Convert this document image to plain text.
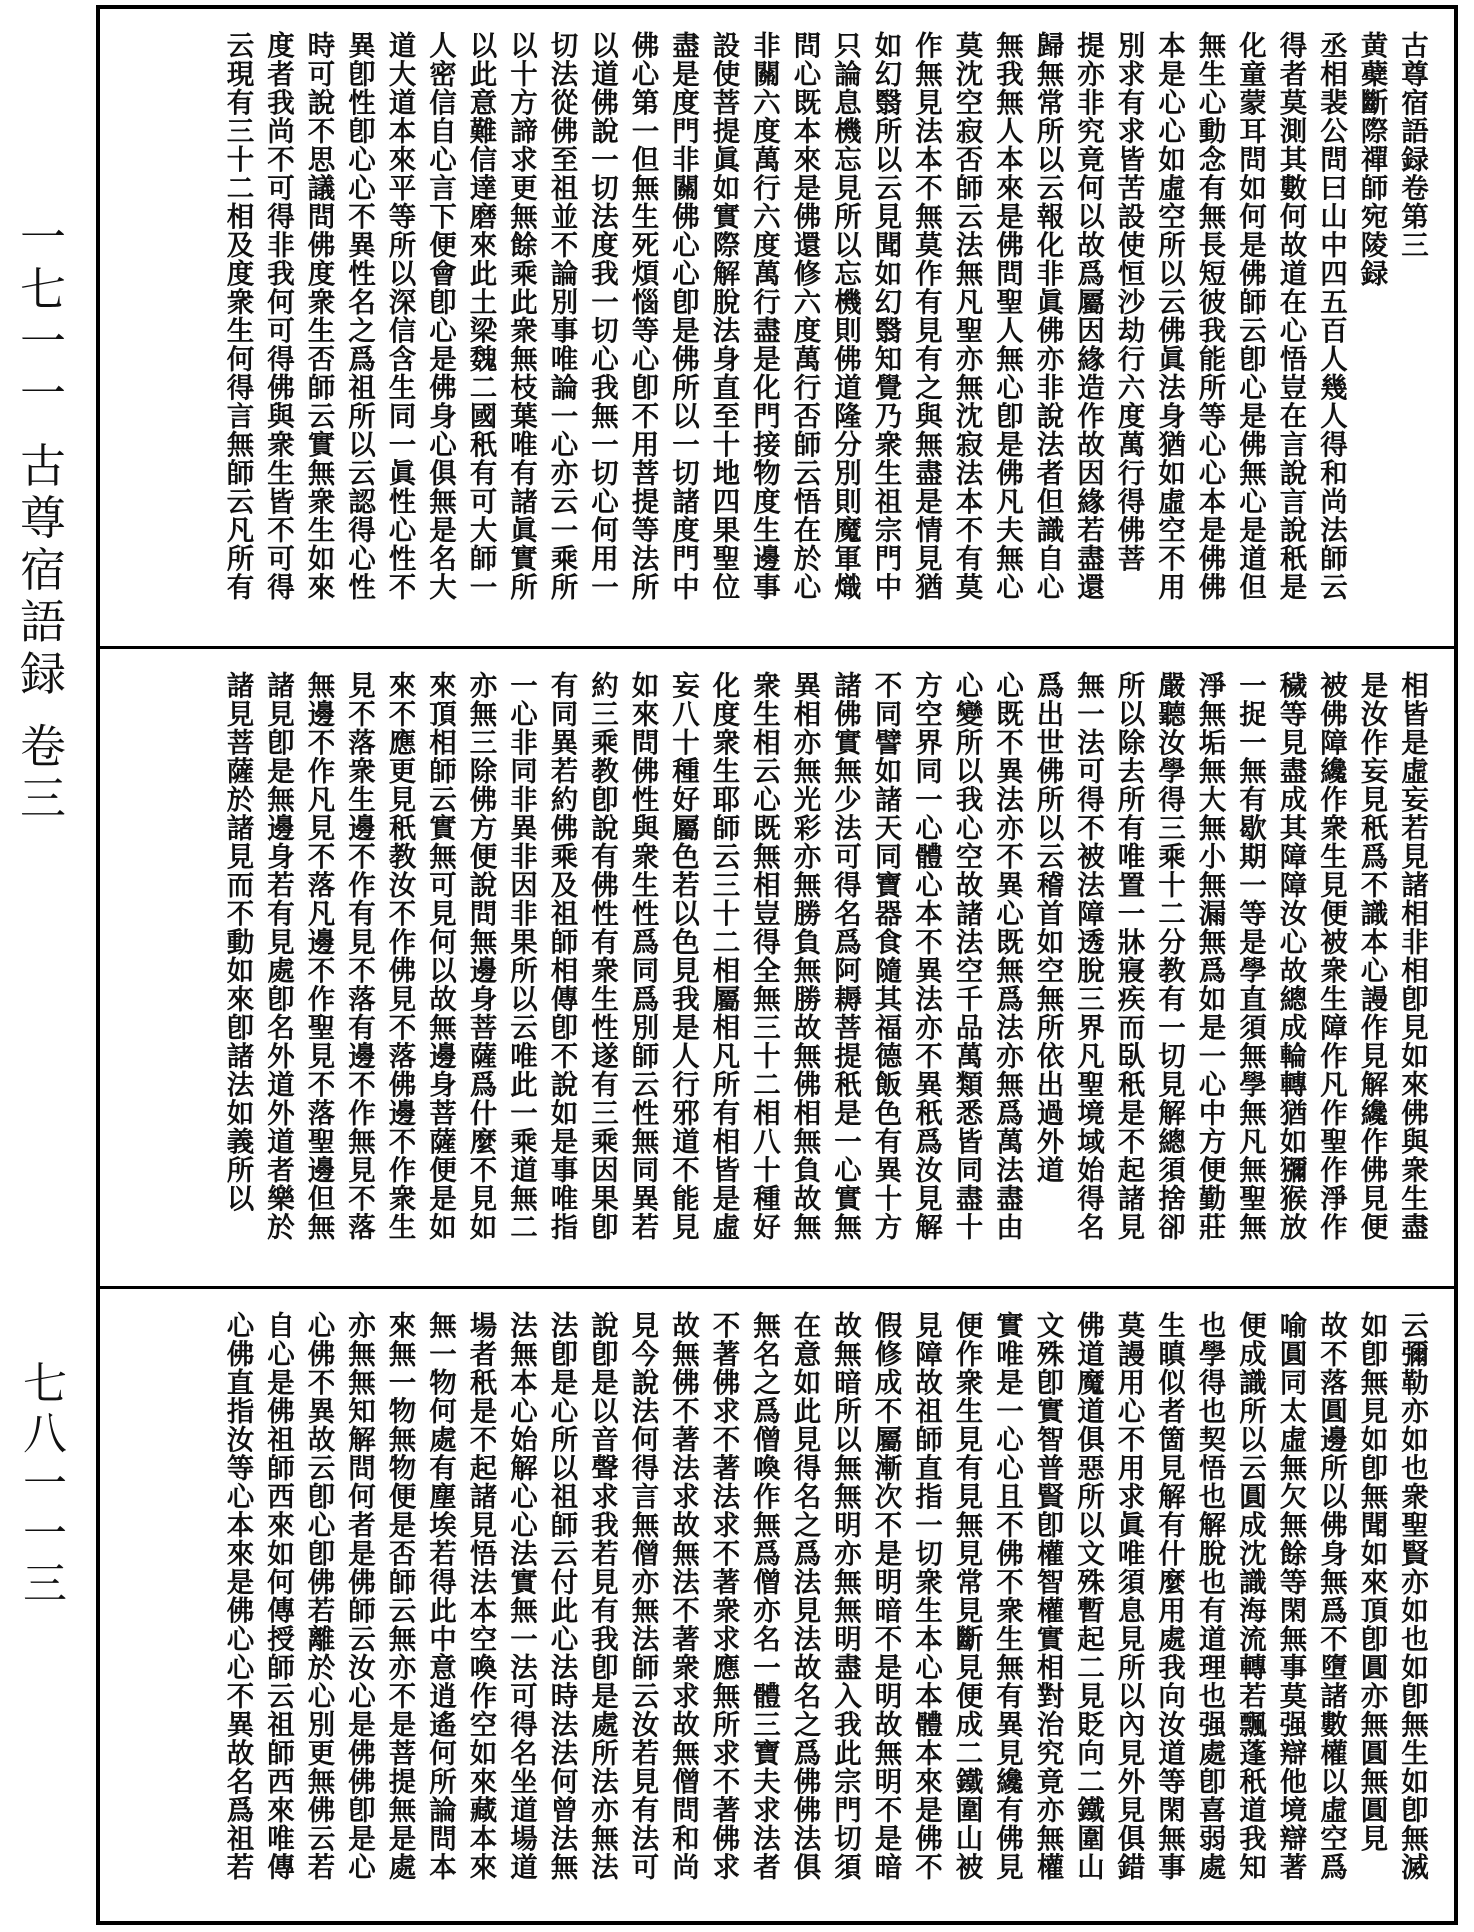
一七一一 古尊宿語録 卷三
七八一一三
古尊宿語録卷第三
黄蘗斷際禪師宛陵録
丞相裴公問曰山中四五百人幾人得和尚法師云
得者莫測其數何故道在心悟豈在言說言說秖是
化童蒙耳問如何是佛師云卽心是佛無心是道但
無生心動念有無長短彼我能所等心心本是佛佛
本是心心如虛空所以云佛眞法身猶如虛空不用
別求有求皆苦設使恒沙劫行六度萬行得佛菩
提亦非究竟何以故爲屬因緣造作故因緣若盡還
歸無常所以云報化非眞佛亦非說法者但識自心
無我無人本來是佛問聖人無心卽是佛凡夫無心
莫沈空寂否師云法無凡聖亦無沈寂法本不有莫
作無見法本不無莫作有見有之與無盡是情見猶
如幻翳所以云見聞如幻翳知覺乃衆生祖宗門中
只論息機忘見所以忘機則佛道隆分別則魔軍熾
問心既本來是佛還修六度萬行否師云悟在於心
非關六度萬行六度萬行盡是化門接物度生邊事
設使菩提眞如實際解脫法身直至十地四果聖位
盡是度門非關佛心心卽是佛所以一切諸度門中
佛心第一但無生死煩惱等心卽不用菩提等法所
以道佛說一切法度我一切心我無一切心何用一
切法從佛至祖並不論別事唯論一心亦云一乘所
以十方諦求更無餘乘此衆無枝葉唯有諸眞實所
以此意難信達磨來此土梁魏二國秖有可大師一
人密信自心言下便會卽心是佛身心俱無是名大
道大道本來平等所以深信含生同一眞性心性不
異卽性卽心心不異性名之爲祖所以云認得心性
時可說不思議問佛度衆生否師云實無衆生如來
度者我尚不可得非我何可得佛與衆生皆不可得
云現有三十二相及度衆生何得言無師云凡所有
相皆是虛妄若見諸相非相卽見如來佛與衆生盡
是汝作妄見秖爲不識本心謾作見解纔作佛見便
被佛障纔作衆生見便被衆生障作凡作聖作淨作
穢等見盡成其障障汝心故總成輪轉猶如獼猴放
一捉一無有歇期一等是學直須無學無凡無聖無
淨無垢無大無小無漏無爲如是一心中方便勤莊
嚴聽汝學得三乘十二分教有一切見解總須捨卻
所以除去所有唯置一牀寢疾而臥秖是不起諸見
無一法可得不被法障透脫三界凡聖境域始得名
爲出世佛所以云稽首如空無所依出過外道
心既不異法亦不異心既無爲法亦無爲萬法盡由
心變所以我心空故諸法空千品萬類悉皆同盡十
方空界同一心體心本不異法亦不異秖爲汝見解
不同譬如諸天同寶器食隨其福德飯色有異十方
諸佛實無少法可得名爲阿耨菩提秖是一心實無
異相亦無光彩亦無勝負無勝故無佛相無負故無
衆生相云心既無相豈得全無三十二相八十種好
化度衆生耶師云三十二相屬相凡所有相皆是虛
妄八十種好屬色若以色見我是人行邪道不能見
如來問佛性與衆生性爲同爲別師云性無同異若
約三乘教卽說有佛性有衆生性遂有三乘因果卽
有同異若約佛乘及祖師相傳卽不說如是事唯指
一心非同非異非因非果所以云唯此一乘道無二
亦無三除佛方便說問無邊身菩薩爲什麼不見如
來頂相師云實無可見何以故無邊身菩薩便是如
來不應更見秖教汝不作佛見不落佛邊不作衆生
見不落衆生邊不作有見不落有邊不作無見不落
無邊不作凡見不落凡邊不作聖見不落聖邊但無
諸見卽是無邊身若有見處卽名外道外道者樂於
諸見菩薩於諸見而不動如來卽諸法如義所以
云彌勒亦如也衆聖賢亦如也如卽無生如卽無滅
如卽無見如卽無聞如來頂卽圓亦無圓無圓見
故不落圓邊所以佛身無爲不墮諸數權以虛空爲
喻圓同太虛無欠無餘等閑無事莫强辯他境辯著
便成識所以云圓成沈識海流轉若飄蓬秖道我知
也學得也契悟也解脫也有道理也强處卽喜弱處
生瞋似者箇見解有什麼用處我向汝道等閑無事
莫謾用心不用求眞唯須息見所以內見外見俱錯
佛道魔道俱惡所以文殊暫起二見貶向二鐵圍山
文殊卽實智普賢卽權智權實相對治究竟亦無權
實唯是一心心且不佛不衆生無有異見纔有佛見
便作衆生見有見無見常見斷見便成二鐵圍山被
見障故祖師直指一切衆生本心本體本來是佛不
假修成不屬漸次不是明暗不是明故無明不是暗
故無暗所以無無明亦無無明盡入我此宗門切須
在意如此見得名之爲法見法故名之爲佛佛法俱
無名之爲僧喚作無爲僧亦名一體三寶夫求法者
不著佛求不著法求不著衆求應無所求不著佛求
故無佛不著法求故無法不著衆求故無僧問和尚
見今說法何得言無僧亦無法師云汝若見有法可
說卽是以音聲求我若見有我卽是處所法亦無法
法卽是心所以祖師云付此心法時法法何曾法無
法無本心始解心心法實無一法可得名坐道場道
場者秖是不起諸見悟法本空喚作空如來藏本來
無一物何處有塵埃若得此中意逍遙何所論問本
來無一物無物便是否師云無亦不是菩提無是處
亦無無知解問何者是佛師云汝心是佛佛卽是心
心佛不異故云卽心卽佛若離於心別更無佛云若
自心是佛祖師西來如何傳授師云祖師西來唯傳
心佛直指汝等心本來是佛心心不異故名爲祖若
